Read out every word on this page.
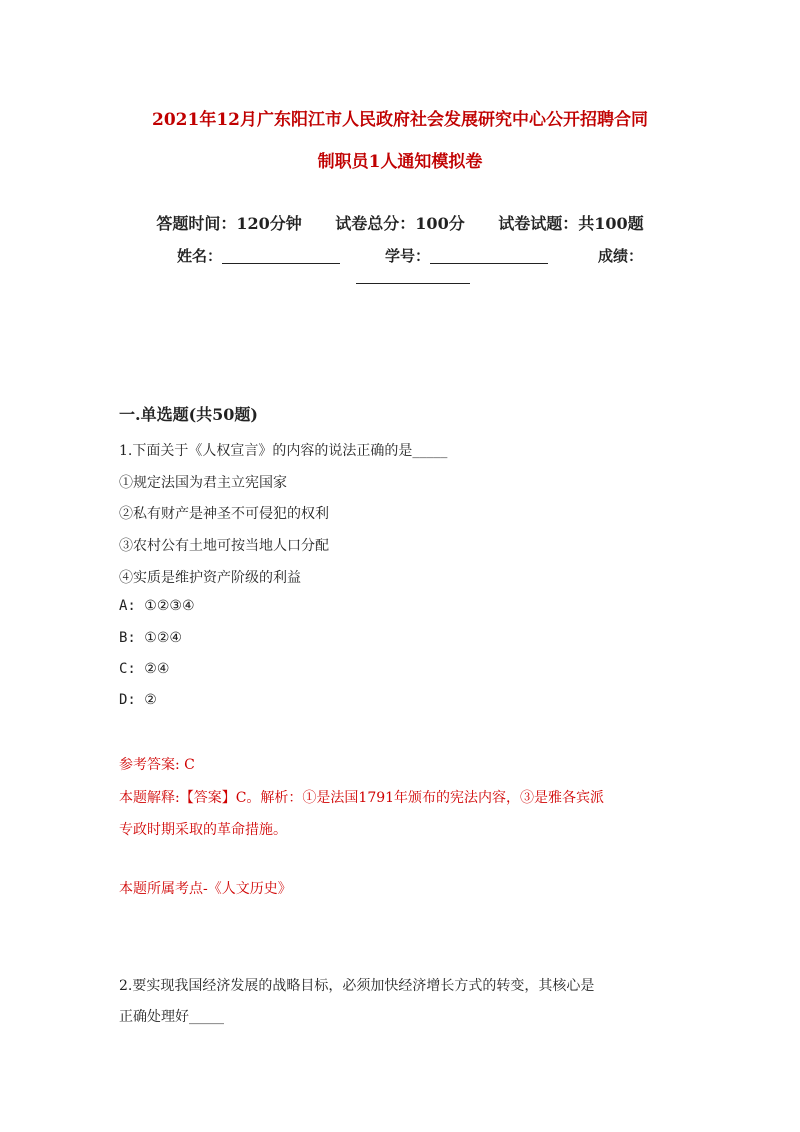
2021年12月广东阳江市人民政府社会发展研究中心公开招聘合同
制职员1人通知模拟卷
答题时间：120分钟 试卷总分：100分 试卷试题：共100题
姓名：	学号：	成绩：
一.单选题(共50题)
1.下面关于《人权宣言》的内容的说法正确的是_____
①规定法国为君主立宪国家
②私有财产是神圣不可侵犯的权利
③农村公有土地可按当地人口分配
④实质是维护资产阶级的利益
A: ①②③④
B: ①②④
C: ②④
D: ②
参考答案: C
本题解释:【答案】C。解析：①是法国1791年颁布的宪法内容，③是雅各宾派
专政时期采取的革命措施。
本题所属考点-《人文历史》
2.要实现我国经济发展的战略目标，必须加快经济增长方式的转变，其核心是
正确处理好_____
